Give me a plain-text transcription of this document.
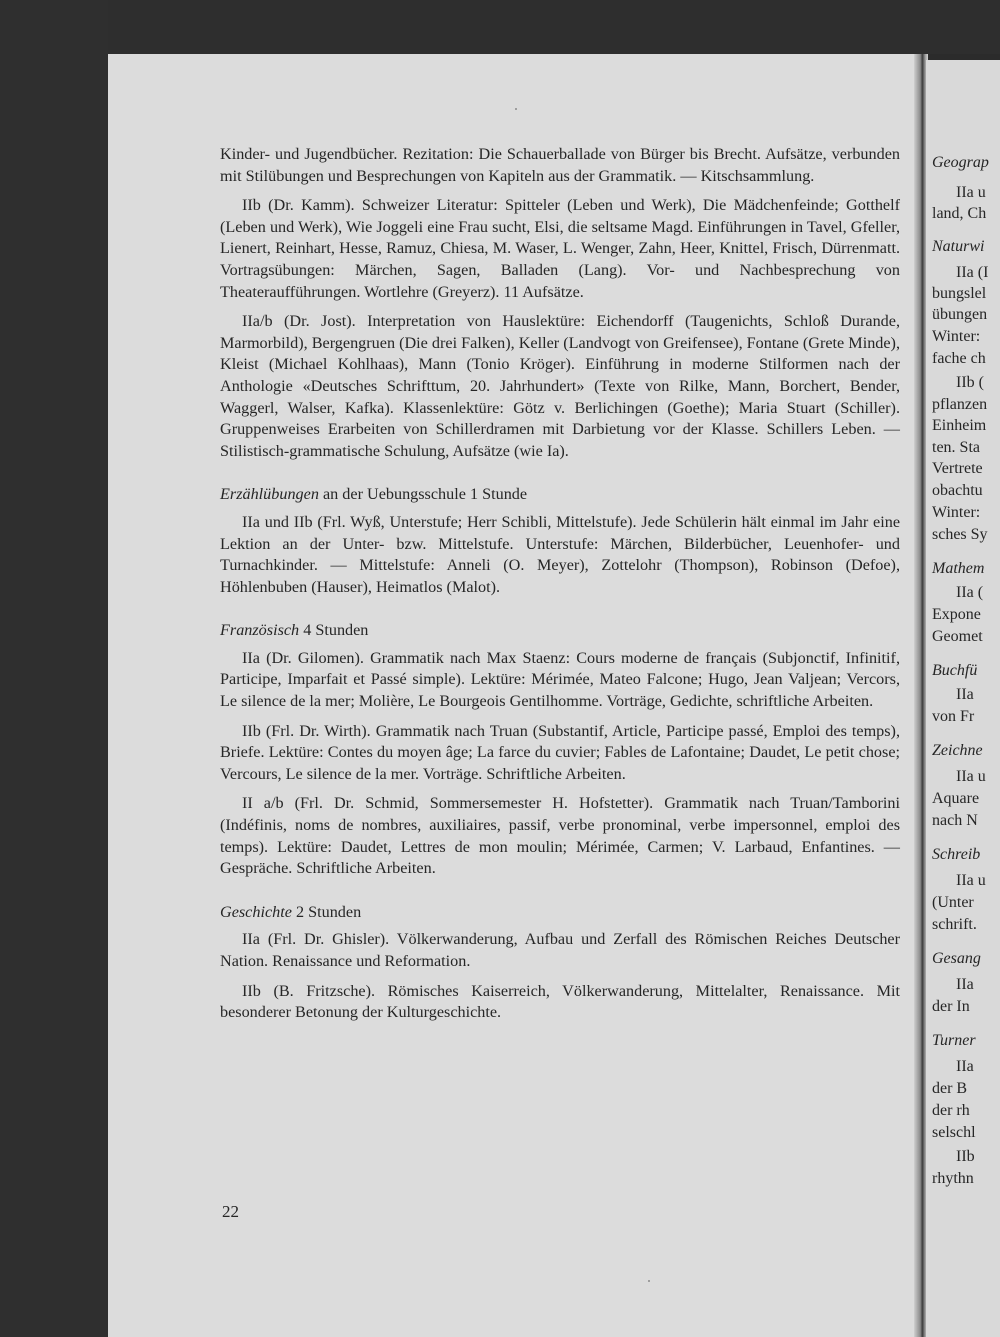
Geograp
IIa u
land, Ch
Naturwi
IIa (I
bungslel
übungen
Winter:
fache ch
IIb (
pflanzen
Einheim
ten. Sta
Vertrete
obachtu
Winter:
sches Sy
Mathem
IIa (
Expone
Geomet
Buchfü
IIa
von Fr
Zeichne
IIa u
Aquare
nach N
Schreib
IIa u
(Unter
schrift.
Gesang
IIa
der In
Turner
IIa
der B
der rh
selschl
IIb
rhythn

Kinder- und Jugendbücher. Rezitation: Die Schauerballade von Bürger bis Brecht. Aufsätze, verbunden mit Stilübungen und Besprechungen von Kapiteln aus der Grammatik. — Kitschsammlung.

IIb (Dr. Kamm). Schweizer Literatur: Spitteler (Leben und Werk), Die Mädchenfeinde; Gotthelf (Leben und Werk), Wie Joggeli eine Frau sucht, Elsi, die seltsame Magd. Einführungen in Tavel, Gfeller, Lienert, Reinhart, Hesse, Ramuz, Chiesa, M. Waser, L. Wenger, Zahn, Heer, Knittel, Frisch, Dürrenmatt. Vortragsübungen: Märchen, Sagen, Balladen (Lang). Vor- und Nachbesprechung von Theateraufführungen. Wortlehre (Greyerz). 11 Aufsätze.

IIa/b (Dr. Jost). Interpretation von Hauslektüre: Eichendorff (Taugenichts, Schloß Durande, Marmorbild), Bergengruen (Die drei Falken), Keller (Landvogt von Greifensee), Fontane (Grete Minde), Kleist (Michael Kohlhaas), Mann (Tonio Kröger). Einführung in moderne Stilformen nach der Anthologie «Deutsches Schrifttum, 20. Jahrhundert» (Texte von Rilke, Mann, Borchert, Bender, Waggerl, Walser, Kafka). Klassenlektüre: Götz v. Berlichingen (Goethe); Maria Stuart (Schiller). Gruppenweises Erarbeiten von Schillerdramen mit Darbietung vor der Klasse. Schillers Leben. — Stilistisch-grammatische Schulung, Aufsätze (wie Ia).

Erzählübungen an der Uebungsschule 1 Stunde

IIa und IIb (Frl. Wyß, Unterstufe; Herr Schibli, Mittelstufe). Jede Schülerin hält einmal im Jahr eine Lektion an der Unter- bzw. Mittelstufe. Unterstufe: Märchen, Bilderbücher, Leuenhofer- und Turnachkinder. — Mittelstufe: Anneli (O. Meyer), Zottelohr (Thompson), Robinson (Defoe), Höhlenbuben (Hauser), Heimatlos (Malot).

Französisch 4 Stunden

IIa (Dr. Gilomen). Grammatik nach Max Staenz: Cours moderne de français (Subjonctif, Infinitif, Participe, Imparfait et Passé simple). Lektüre: Mérimée, Mateo Falcone; Hugo, Jean Valjean; Vercors, Le silence de la mer; Molière, Le Bourgeois Gentilhomme. Vorträge, Gedichte, schriftliche Arbeiten.

IIb (Frl. Dr. Wirth). Grammatik nach Truan (Substantif, Article, Participe passé, Emploi des temps), Briefe. Lektüre: Contes du moyen âge; La farce du cuvier; Fables de Lafontaine; Daudet, Le petit chose; Vercours, Le silence de la mer. Vorträge. Schriftliche Arbeiten.

II a/b (Frl. Dr. Schmid, Sommersemester H. Hofstetter). Grammatik nach Truan/Tamborini (Indéfinis, noms de nombres, auxiliaires, passif, verbe pronominal, verbe impersonnel, emploi des temps). Lektüre: Daudet, Lettres de mon moulin; Mérimée, Carmen; V. Larbaud, Enfantines. — Gespräche. Schriftliche Arbeiten.

Geschichte 2 Stunden

IIa (Frl. Dr. Ghisler). Völkerwanderung, Aufbau und Zerfall des Römischen Reiches Deutscher Nation. Renaissance und Reformation.

IIb (B. Fritzsche). Römisches Kaiserreich, Völkerwanderung, Mittelalter, Renaissance. Mit besonderer Betonung der Kulturgeschichte.

22
